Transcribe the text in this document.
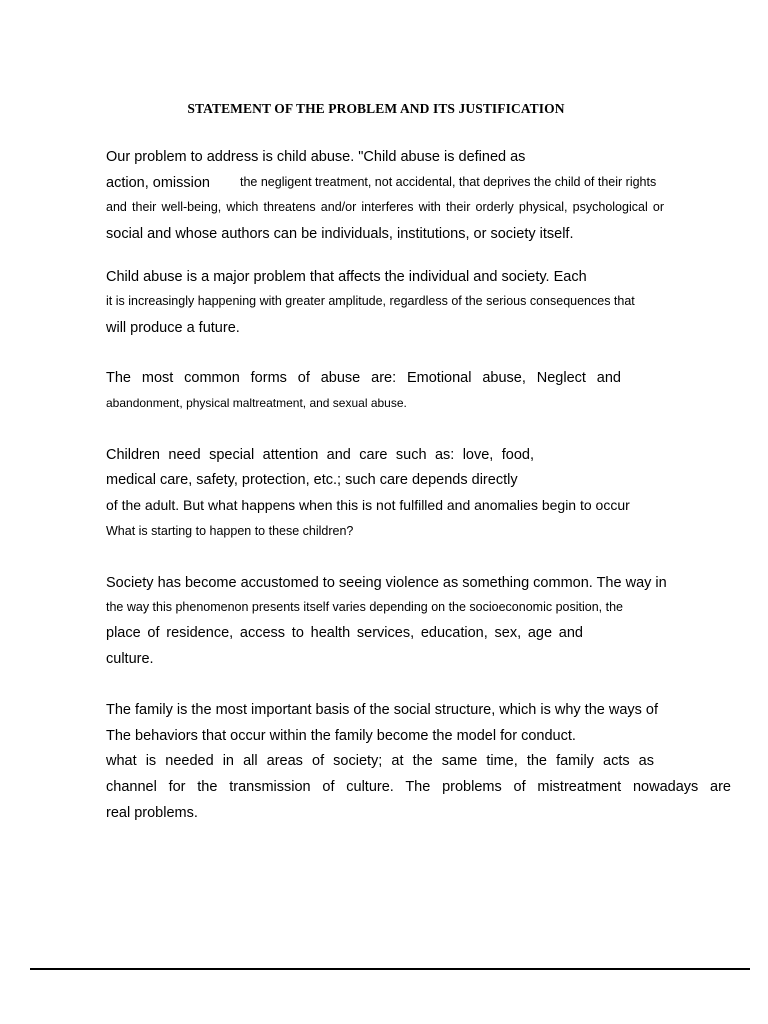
STATEMENT OF THE PROBLEM AND ITS JUSTIFICATION
Our problem to address is child abuse. "Child abuse is defined as
action, omission the negligent treatment, not accidental, that deprives the child of their rights
and their well-being, which threatens and/or interferes with their orderly physical, psychological or
social and whose authors can be individuals, institutions, or society itself.
Child abuse is a major problem that affects the individual and society. Each
it is increasingly happening with greater amplitude, regardless of the serious consequences that
will produce a future.
The most common forms of abuse are: Emotional abuse, Neglect and
abandonment, physical maltreatment, and sexual abuse.
Children need special attention and care such as: love, food,
medical care, safety, protection, etc.; such care depends directly
of the adult. But what happens when this is not fulfilled and anomalies begin to occur
What is starting to happen to these children?
Society has become accustomed to seeing violence as something common. The way in
the way this phenomenon presents itself varies depending on the socioeconomic position, the
place of residence, access to health services, education, sex, age and
culture.
The family is the most important basis of the social structure, which is why the ways of
The behaviors that occur within the family become the model for conduct.
what is needed in all areas of society; at the same time, the family acts as
channel for the transmission of culture. The problems of mistreatment nowadays are
real problems.
